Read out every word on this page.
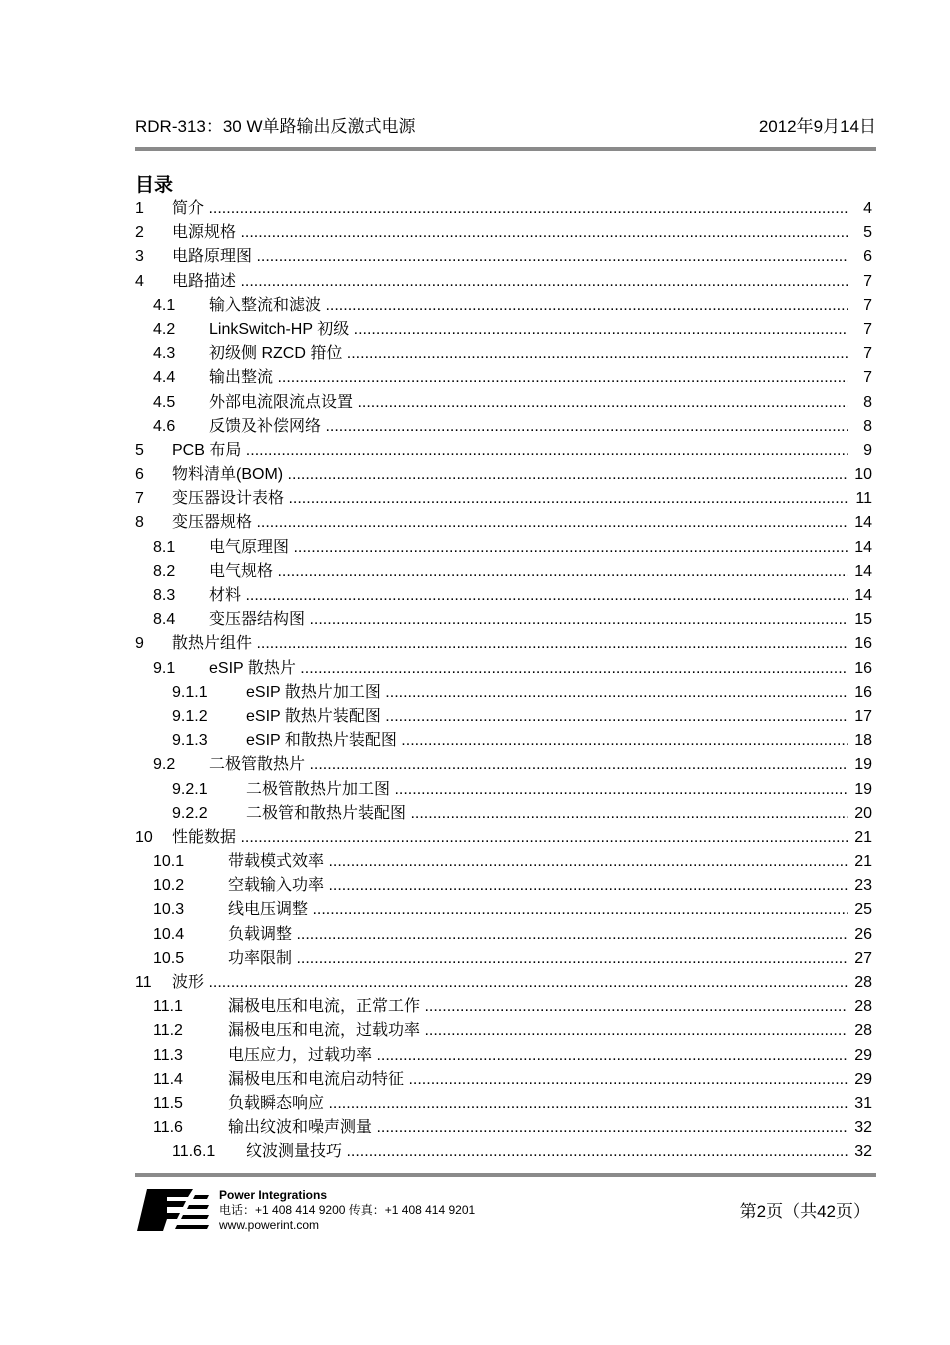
RDR-313：30 W单路输出反激式电源	2012年9月14日
目录
1 简介 .....	4
2 电源规格 .....	5
3 电路原理图 .....	6
4 电路描述 .....	7
4.1 输入整流和滤波 .....	7
4.2 LinkSwitch-HP 初级 .....	7
4.3 初级侧 RZCD 箝位 .....	7
4.4 输出整流 .....	7
4.5 外部电流限流点设置 .....	8
4.6 反馈及补偿网络 .....	8
5 PCB 布局 .....	9
6 物料清单(BOM) .....	10
7 变压器设计表格 .....	11
8 变压器规格 .....	14
8.1 电气原理图 .....	14
8.2 电气规格 .....	14
8.3 材料 .....	14
8.4 变压器结构图 .....	15
9 散热片组件 .....	16
9.1 eSIP 散热片 .....	16
9.1.1 eSIP 散热片加工图 .....	16
9.1.2 eSIP 散热片装配图 .....	17
9.1.3 eSIP 和散热片装配图 .....	18
9.2 二极管散热片 .....	19
9.2.1 二极管散热片加工图 .....	19
9.2.2 二极管和散热片装配图 .....	20
10 性能数据 .....	21
10.1	带载模式效率 .....	21
10.2	空载输入功率 .....	23
10.3	线电压调整 .....	25
10.4	负载调整 .....	26
10.5	功率限制 .....	27
11 波形 .....	28
11.1	漏极电压和电流，正常工作 .....	28
11.2	漏极电压和电流，过载功率 .....	28
11.3	电压应力，过载功率 .....	29
11.4	漏极电压和电流启动特征 .....	29
11.5	负载瞬态响应 .....	31
11.6	输出纹波和噪声测量 .....	32
11.6.1 纹波测量技巧 .....	32
Power Integrations
电话：+1 408 414 9200 传真：+1 408 414 9201
www.powerint.com
第2页（共42页）
